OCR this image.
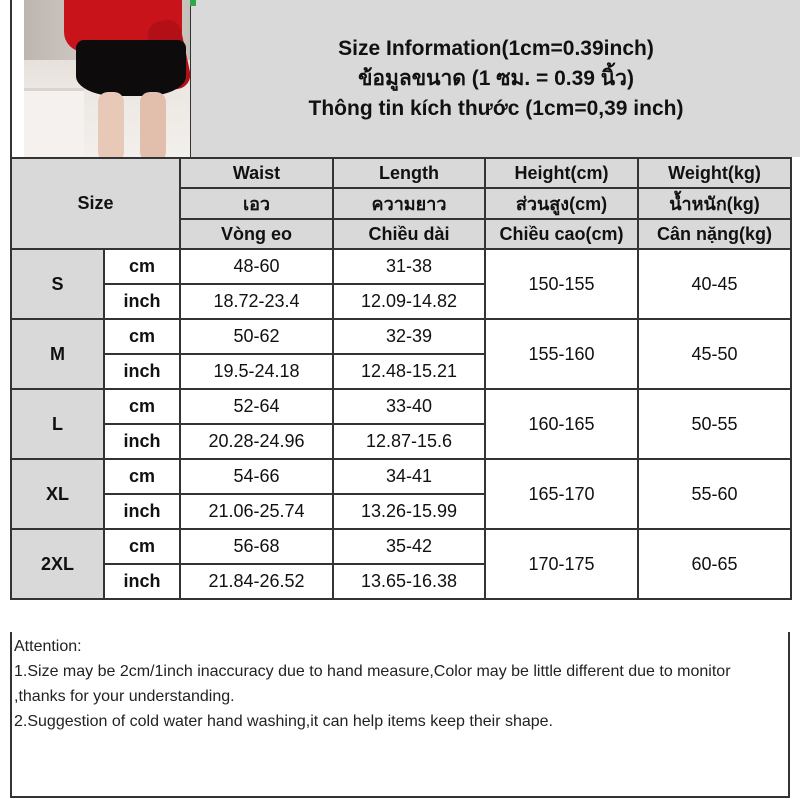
Size Information(1cm=0.39inch)
ข้อมูลขนาด (1 ซม. = 0.39 นิ้ว)
Thông tin kích thước (1cm=0,39 inch)
Size		Waist	Length	Height(cm)	Weight(kg)
		เอว	ความยาว	ส่วนสูง(cm)	น้ำหนัก(kg)
		Vòng eo	Chiều dài	Chiều cao(cm)	Cân nặng(kg)
S	cm	48-60	31-38	150-155	40-45
	inch	18.72-23.4	12.09-14.82		
M	cm	50-62	32-39	155-160	45-50
	inch	19.5-24.18	12.48-15.21		
L	cm	52-64	33-40	160-165	50-55
	inch	20.28-24.96	12.87-15.6		
XL	cm	54-66	34-41	165-170	55-60
	inch	21.06-25.74	13.26-15.99		
2XL	cm	56-68	35-42	170-175	60-65
	inch	21.84-26.52	13.65-16.38		
Attention:
1.Size may be 2cm/1inch inaccuracy due to hand measure,Color may be little different due to monitor ,thanks for your understanding.
2.Suggestion of cold water hand washing,it can help items keep their shape.
